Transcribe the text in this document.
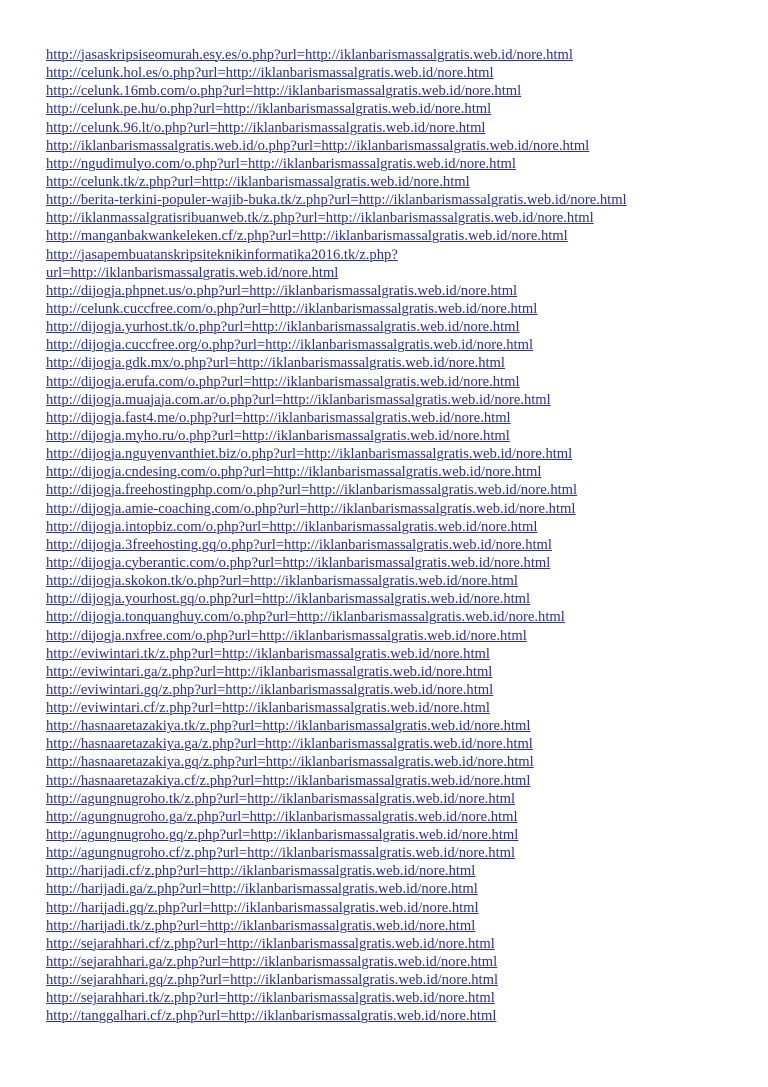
http://jasaskripsiseomurah.esy.es/o.php?url=http://iklanbarismassalgratis.web.id/nore.html
http://celunk.hol.es/o.php?url=http://iklanbarismassalgratis.web.id/nore.html
http://celunk.16mb.com/o.php?url=http://iklanbarismassalgratis.web.id/nore.html
http://celunk.pe.hu/o.php?url=http://iklanbarismassalgratis.web.id/nore.html
http://celunk.96.lt/o.php?url=http://iklanbarismassalgratis.web.id/nore.html
http://iklanbarismassalgratis.web.id/o.php?url=http://iklanbarismassalgratis.web.id/nore.html
http://ngudimulyo.com/o.php?url=http://iklanbarismassalgratis.web.id/nore.html
http://celunk.tk/z.php?url=http://iklanbarismassalgratis.web.id/nore.html
http://berita-terkini-populer-wajib-buka.tk/z.php?url=http://iklanbarismassalgratis.web.id/nore.html
http://iklanmassalgratisribuanweb.tk/z.php?url=http://iklanbarismassalgratis.web.id/nore.html
http://manganbakwankeleken.cf/z.php?url=http://iklanbarismassalgratis.web.id/nore.html
http://jasapembuatanskripsiteknikinformatika2016.tk/z.php?
url=http://iklanbarismassalgratis.web.id/nore.html
http://dijogja.phpnet.us/o.php?url=http://iklanbarismassalgratis.web.id/nore.html
http://celunk.cuccfree.com/o.php?url=http://iklanbarismassalgratis.web.id/nore.html
http://dijogja.yurhost.tk/o.php?url=http://iklanbarismassalgratis.web.id/nore.html
http://dijogja.cuccfree.org/o.php?url=http://iklanbarismassalgratis.web.id/nore.html
http://dijogja.gdk.mx/o.php?url=http://iklanbarismassalgratis.web.id/nore.html
http://dijogja.erufa.com/o.php?url=http://iklanbarismassalgratis.web.id/nore.html
http://dijogja.muajaja.com.ar/o.php?url=http://iklanbarismassalgratis.web.id/nore.html
http://dijogja.fast4.me/o.php?url=http://iklanbarismassalgratis.web.id/nore.html
http://dijogja.myho.ru/o.php?url=http://iklanbarismassalgratis.web.id/nore.html
http://dijogja.nguyenvanthiet.biz/o.php?url=http://iklanbarismassalgratis.web.id/nore.html
http://dijogja.cndesing.com/o.php?url=http://iklanbarismassalgratis.web.id/nore.html
http://dijogja.freehostingphp.com/o.php?url=http://iklanbarismassalgratis.web.id/nore.html
http://dijogja.amie-coaching.com/o.php?url=http://iklanbarismassalgratis.web.id/nore.html
http://dijogja.intopbiz.com/o.php?url=http://iklanbarismassalgratis.web.id/nore.html
http://dijogja.3freehosting.gq/o.php?url=http://iklanbarismassalgratis.web.id/nore.html
http://dijogja.cyberantic.com/o.php?url=http://iklanbarismassalgratis.web.id/nore.html
http://dijogja.skokon.tk/o.php?url=http://iklanbarismassalgratis.web.id/nore.html
http://dijogja.yourhost.gq/o.php?url=http://iklanbarismassalgratis.web.id/nore.html
http://dijogja.tonquanghuy.com/o.php?url=http://iklanbarismassalgratis.web.id/nore.html
http://dijogja.nxfree.com/o.php?url=http://iklanbarismassalgratis.web.id/nore.html
http://eviwintari.tk/z.php?url=http://iklanbarismassalgratis.web.id/nore.html
http://eviwintari.ga/z.php?url=http://iklanbarismassalgratis.web.id/nore.html
http://eviwintari.gq/z.php?url=http://iklanbarismassalgratis.web.id/nore.html
http://eviwintari.cf/z.php?url=http://iklanbarismassalgratis.web.id/nore.html
http://hasnaaretazakiya.tk/z.php?url=http://iklanbarismassalgratis.web.id/nore.html
http://hasnaaretazakiya.ga/z.php?url=http://iklanbarismassalgratis.web.id/nore.html
http://hasnaaretazakiya.gq/z.php?url=http://iklanbarismassalgratis.web.id/nore.html
http://hasnaaretazakiya.cf/z.php?url=http://iklanbarismassalgratis.web.id/nore.html
http://agungnugroho.tk/z.php?url=http://iklanbarismassalgratis.web.id/nore.html
http://agungnugroho.ga/z.php?url=http://iklanbarismassalgratis.web.id/nore.html
http://agungnugroho.gq/z.php?url=http://iklanbarismassalgratis.web.id/nore.html
http://agungnugroho.cf/z.php?url=http://iklanbarismassalgratis.web.id/nore.html
http://harijadi.cf/z.php?url=http://iklanbarismassalgratis.web.id/nore.html
http://harijadi.ga/z.php?url=http://iklanbarismassalgratis.web.id/nore.html
http://harijadi.gq/z.php?url=http://iklanbarismassalgratis.web.id/nore.html
http://harijadi.tk/z.php?url=http://iklanbarismassalgratis.web.id/nore.html
http://sejarahhari.cf/z.php?url=http://iklanbarismassalgratis.web.id/nore.html
http://sejarahhari.ga/z.php?url=http://iklanbarismassalgratis.web.id/nore.html
http://sejarahhari.gq/z.php?url=http://iklanbarismassalgratis.web.id/nore.html
http://sejarahhari.tk/z.php?url=http://iklanbarismassalgratis.web.id/nore.html
http://tanggalhari.cf/z.php?url=http://iklanbarismassalgratis.web.id/nore.html
